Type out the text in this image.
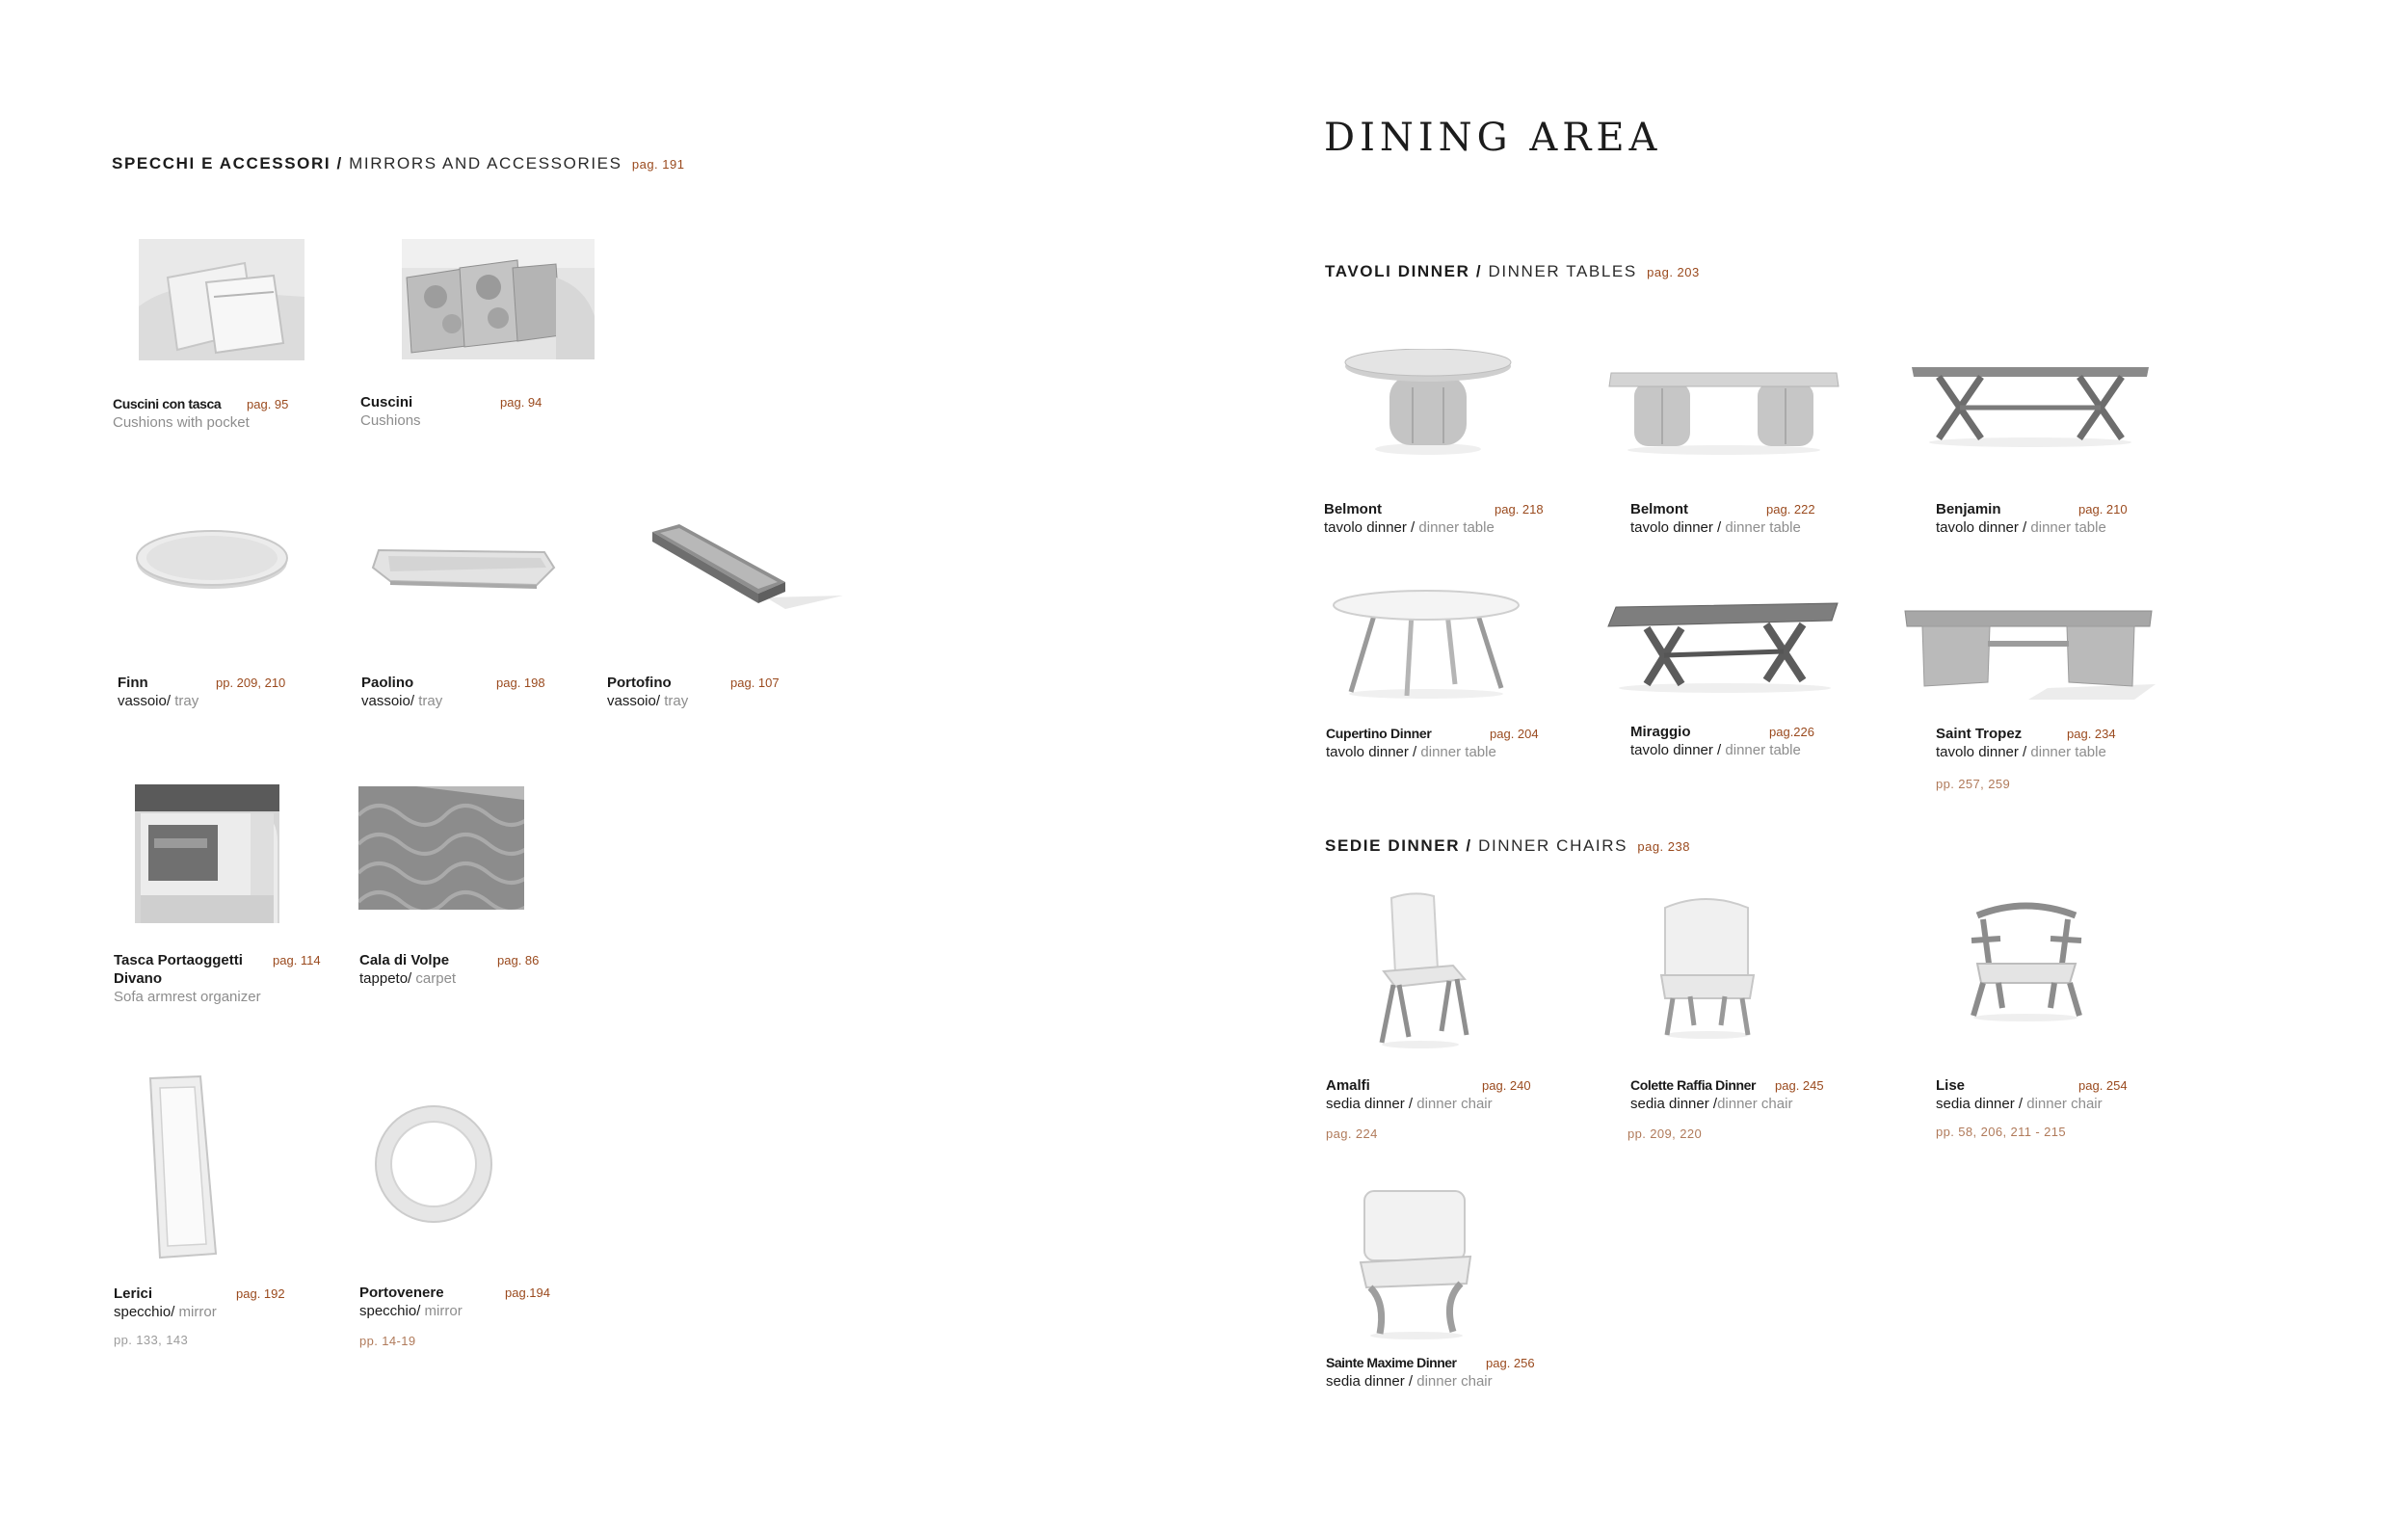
SPECCHI E ACCESSORI / MIRRORS AND ACCESSORIES pag. 191
Cuscini con tasca pag. 95
Cushions with pocket
Cuscini	pag. 94
Cushions
Finn	pp. 209, 210
vassoio/ tray
Paolino	pag. 198
vassoio/ tray
Portofino	pag. 107
vassoio/ tray
Tasca Portaoggetti pag. 114
Divano
Sofa armrest organizer
Cala di Volpe	pag. 86
tappeto/ carpet
Lerici	pag. 192
specchio/ mirror
pp. 133, 143
Portovenere	pag.194
specchio/ mirror
pp. 14-19
DINING AREA
TAVOLI DINNER / DINNER TABLES pag. 203
Belmont	pag. 218
tavolo dinner / dinner table
Belmont	pag. 222
tavolo dinner / dinner table
Benjamin	pag. 210
tavolo dinner / dinner table
Cupertino Dinner	pag. 204
tavolo dinner / dinner table
Miraggio	pag.226
tavolo dinner / dinner table
Saint Tropez	pag. 234
tavolo dinner / dinner table
pp. 257, 259
SEDIE DINNER / DINNER CHAIRS pag. 238
Amalfi	pag. 240
sedia dinner / dinner chair
pag. 224
Colette Raffia Dinner pag. 245
sedia dinner /dinner chair
pp. 209, 220
Lise	pag. 254
sedia dinner / dinner chair
pp. 58, 206, 211 - 215
Sainte Maxime Dinner pag. 256
sedia dinner / dinner chair
